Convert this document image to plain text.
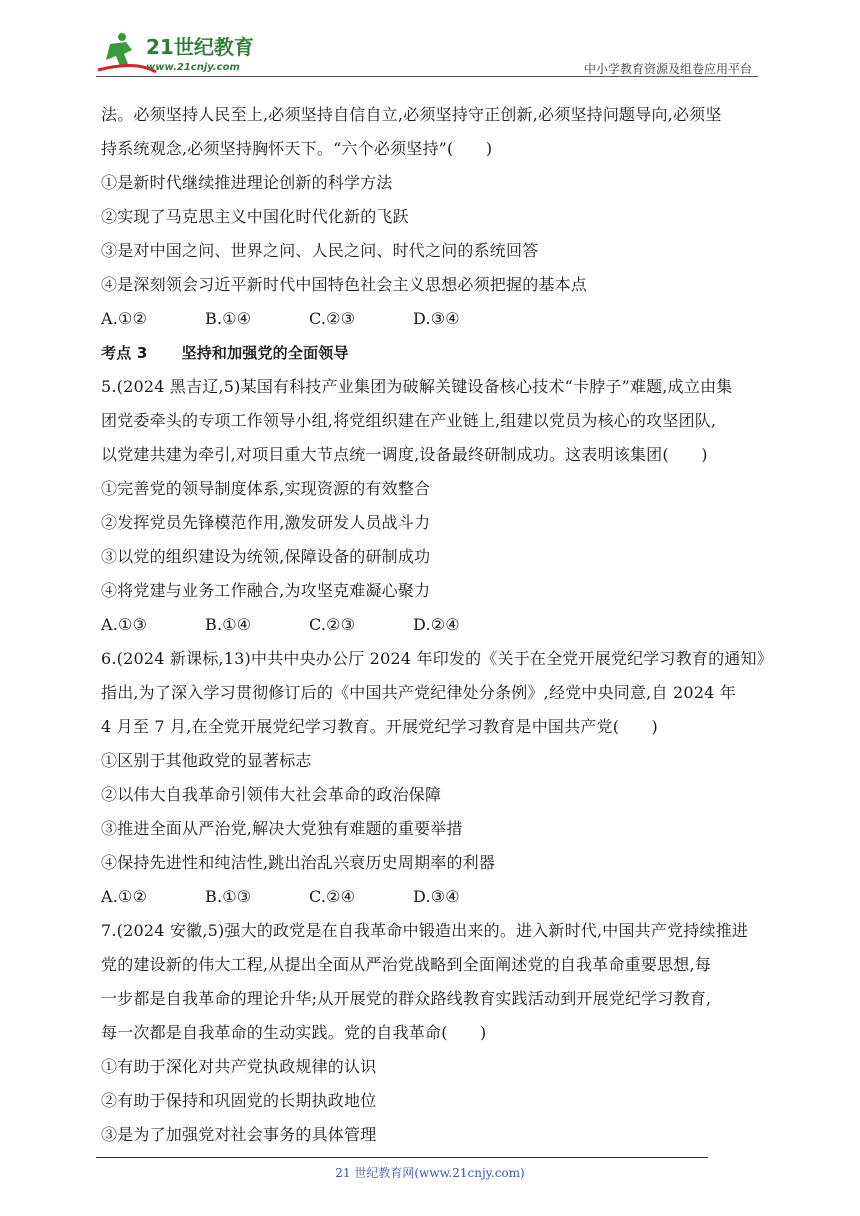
21世纪教育
www.21cnjy.com	中小学教育资源及组卷应用平台
法。必须坚持人民至上,必须坚持自信自立,必须坚持守正创新,必须坚持问题导向,必须坚
持系统观念,必须坚持胸怀天下。“六个必须坚持”(　　)
①是新时代继续推进理论创新的科学方法
②实现了马克思主义中国化时代化新的飞跃
③是对中国之问、世界之问、人民之问、时代之问的系统回答
④是深刻领会习近平新时代中国特色社会主义思想必须把握的基本点
A.①②	B.①④	C.②③	D.③④
考点 3 坚持和加强党的全面领导
5.(2024 黑吉辽,5)某国有科技产业集团为破解关键设备核心技术“卡脖子”难题,成立由集
团党委牵头的专项工作领导小组,将党组织建在产业链上,组建以党员为核心的攻坚团队,
以党建共建为牵引,对项目重大节点统一调度,设备最终研制成功。这表明该集团(　　)
①完善党的领导制度体系,实现资源的有效整合
②发挥党员先锋模范作用,激发研发人员战斗力
③以党的组织建设为统领,保障设备的研制成功
④将党建与业务工作融合,为攻坚克难凝心聚力
A.①③	B.①④	C.②③	D.②④
6.(2024 新课标,13)中共中央办公厅 2024 年印发的《关于在全党开展党纪学习教育的通知》
指出,为了深入学习贯彻修订后的《中国共产党纪律处分条例》,经党中央同意,自 2024 年
4 月至 7 月,在全党开展党纪学习教育。开展党纪学习教育是中国共产党(　　)
①区别于其他政党的显著标志
②以伟大自我革命引领伟大社会革命的政治保障
③推进全面从严治党,解决大党独有难题的重要举措
④保持先进性和纯洁性,跳出治乱兴衰历史周期率的利器
A.①②	B.①③	C.②④	D.③④
7.(2024 安徽,5)强大的政党是在自我革命中锻造出来的。进入新时代,中国共产党持续推进
党的建设新的伟大工程,从提出全面从严治党战略到全面阐述党的自我革命重要思想,每
一步都是自我革命的理论升华;从开展党的群众路线教育实践活动到开展党纪学习教育,
每一次都是自我革命的生动实践。党的自我革命(　　)
①有助于深化对共产党执政规律的认识
②有助于保持和巩固党的长期执政地位
③是为了加强党对社会事务的具体管理
21 世纪教育网(www.21cnjy.com)
